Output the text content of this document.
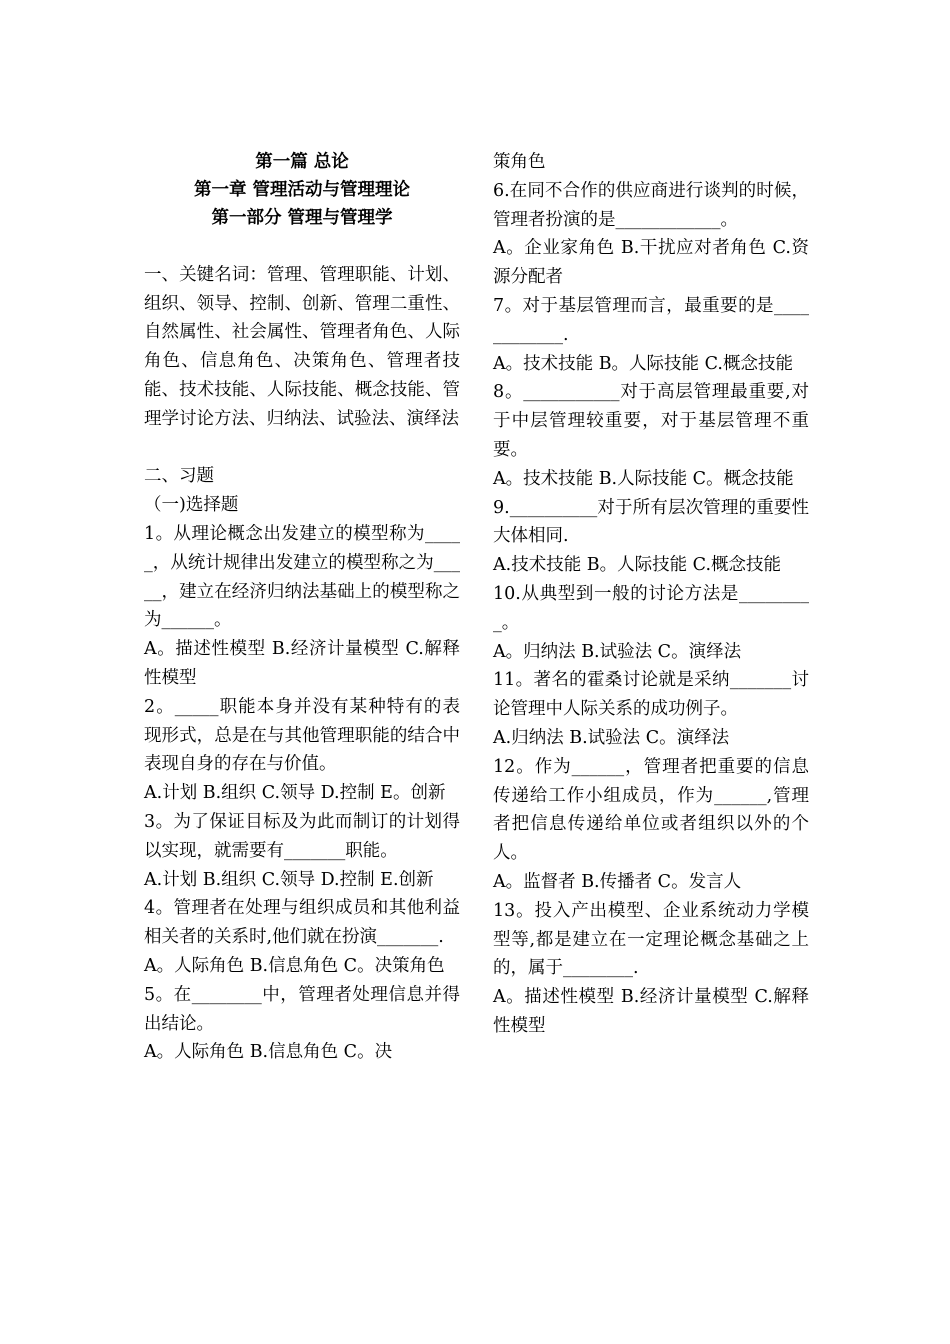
第一篇 总论

第一章 管理活动与管理理论

第一部分 管理与管理学

一、关键名词：管理、管理职能、计划、组织、领导、控制、创新、管理二重性、自然属性、社会属性、管理者角色、人际角色、信息角色、决策角色、管理者技能、技术技能、人际技能、概念技能、管理学讨论方法、归纳法、试验法、演绎法

二、习题

（一)选择题

1。从理论概念出发建立的模型称为_____，从统计规律出发建立的模型称之为_____，建立在经济归纳法基础上的模型称之为______。

A。描述性模型 B.经济计量模型 C.解释性模型

2。_____职能本身并没有某种特有的表现形式，总是在与其他管理职能的结合中表现自身的存在与价值。

A.计划 B.组织 C.领导 D.控制 E。创新

3。为了保证目标及为此而制订的计划得以实现，就需要有_______职能。

A.计划 B.组织 C.领导 D.控制 E.创新

4。管理者在处理与组织成员和其他利益相关者的关系时,他们就在扮演_______.

A。人际角色 B.信息角色 C。决策角色

5。在________中，管理者处理信息并得出结论。

A。人际角色 B.信息角色 C。决

策角色

6.在同不合作的供应商进行谈判的时候，管理者扮演的是____________。

A。企业家角色 B.干扰应对者角色 C.资源分配者

7。对于基层管理而言，最重要的是____________.

A。技术技能 B。人际技能 C.概念技能

8。___________对于高层管理最重要,对于中层管理较重要，对于基层管理不重要。

A。技术技能 B.人际技能 C。概念技能

9.__________对于所有层次管理的重要性大体相同.

A.技术技能 B。人际技能 C.概念技能

10.从典型到一般的讨论方法是_________。

A。归纳法 B.试验法 C。演绎法

11。著名的霍桑讨论就是采纳_______讨论管理中人际关系的成功例子。

A.归纳法 B.试验法 C。演绎法

12。作为______，管理者把重要的信息传递给工作小组成员，作为______,管理者把信息传递给单位或者组织以外的个人。

A。监督者 B.传播者 C。发言人

13。投入产出模型、企业系统动力学模型等,都是建立在一定理论概念基础之上的，属于________.

A。描述性模型 B.经济计量模型 C.解释性模型
